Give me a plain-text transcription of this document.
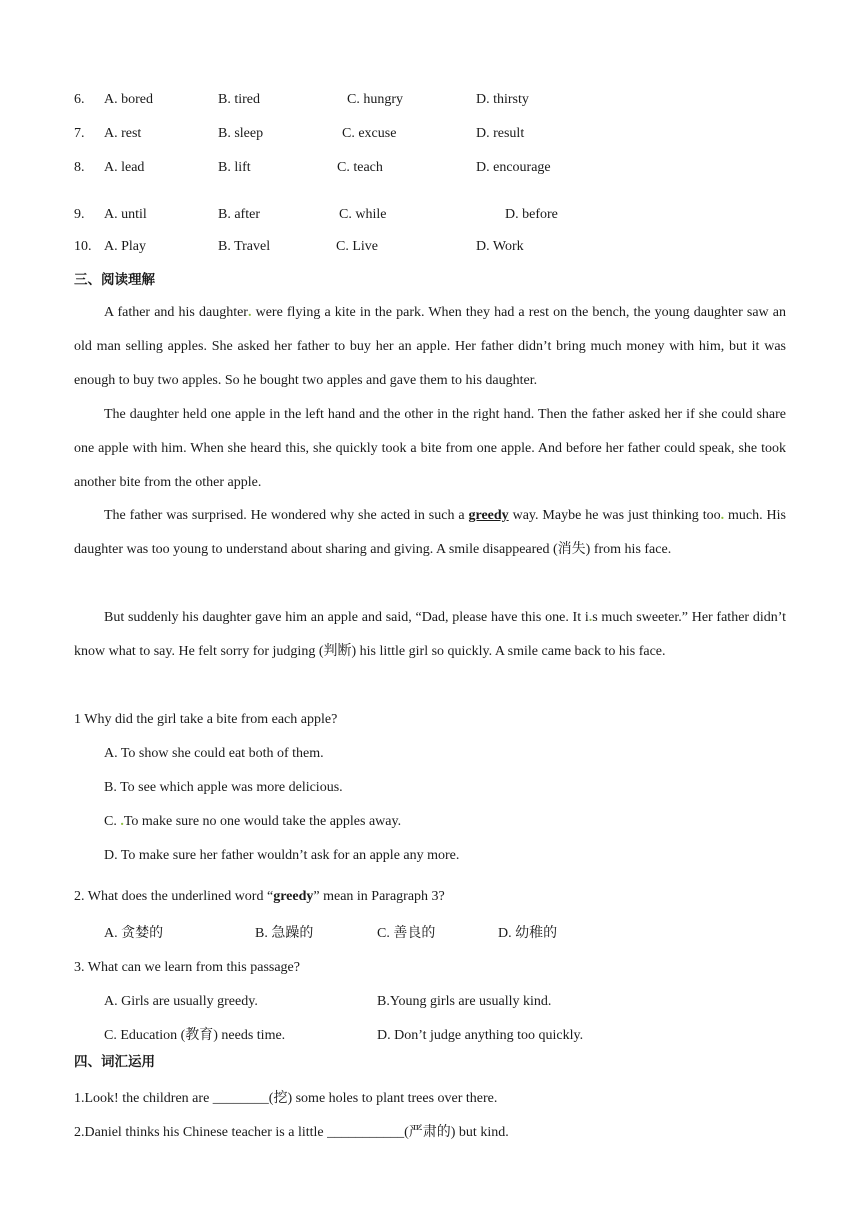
6. A. bored	B. tired	C. hungry	D. thirsty
7. A. rest	B. sleep	C. excuse	D. result
8. A. lead	B. lift	C. teach	D. encourage
9. A. until	B. after	C. while	D. before
10. A. Play	B. Travel	C. Live	D. Work
三、阅读理解
A father and his daughter. were flying a kite in the park. When they had a rest on the bench, the young daughter saw an old man selling apples. She asked her father to buy her an apple. Her father didn’t bring much money with him, but it was enough to buy two apples. So he bought two apples and gave them to his daughter.
The daughter held one apple in the left hand and the other in the right hand. Then the father asked her if she could share one apple with him. When she heard this, she quickly took a bite from one apple. And before her father could speak, she took another bite from the other apple.
The father was surprised. He wondered why she acted in such a greedy way. Maybe he was just thinking too. much. His daughter was too young to understand about sharing and giving. A smile disappeared (消失) from his face.
But suddenly his daughter gave him an apple and said, “Dad, please have this one. It i.s much sweeter.” Her father didn’t know what to say. He felt sorry for judging (判断) his little girl so quickly. A smile came back to his face.
1 Why did the girl take a bite from each apple?
A. To show she could eat both of them.
B. To see which apple was more delicious.
C. .To make sure no one would take the apples away.
D. To make sure her father wouldn’t ask for an apple any more.
2. What does the underlined word “greedy” mean in Paragraph 3?
A. 贪婪的	B. 急躁的	C. 善良的	D. 幼稚的
3. What can we learn from this passage?
A. Girls are usually greedy.	B.Young girls are usually kind.
C. Education (教育) needs time.	D. Don’t judge anything too quickly.
四、词汇运用
1.Look! the children are ________(挖) some holes to plant trees over there.
2.Daniel thinks his Chinese teacher is a little ___________(严肃的) but kind.
